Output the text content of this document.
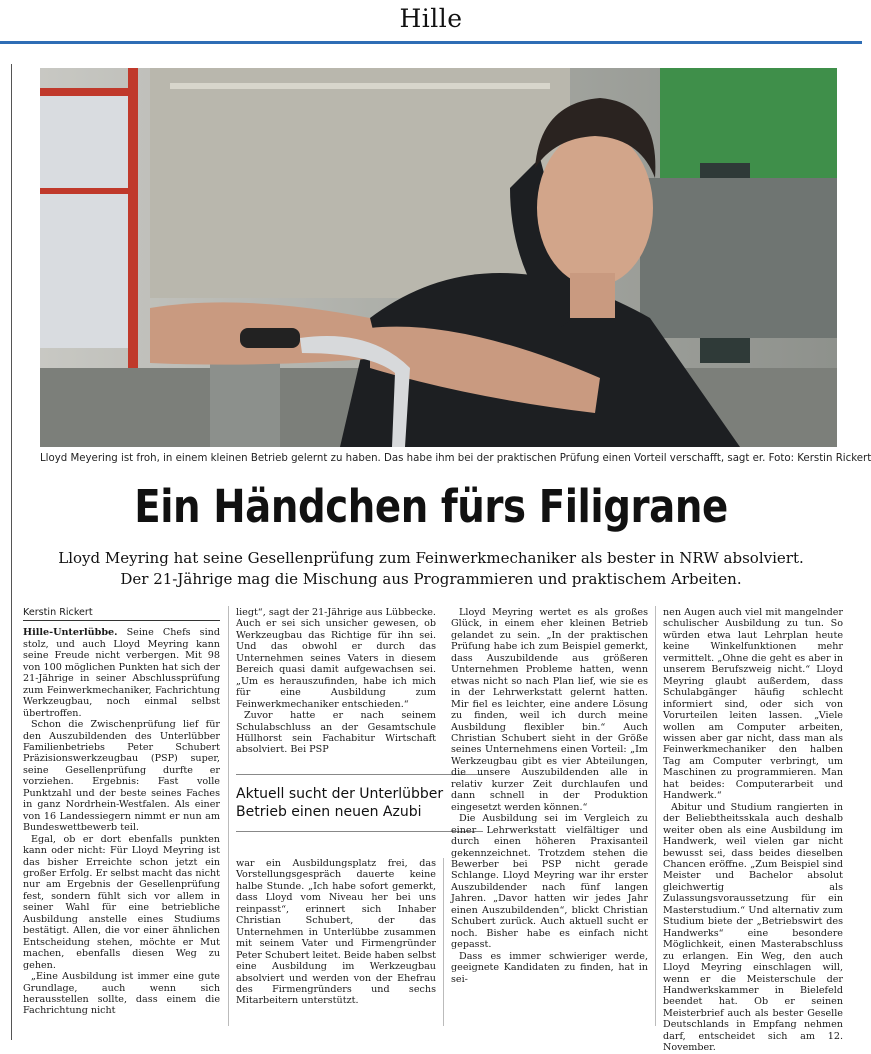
Hille
Lloyd Meyering ist froh, in einem kleinen Betrieb gelernt zu haben. Das habe ihm bei der praktischen Prüfung einen Vorteil verschafft, sagt er. Foto: Kerstin Rickert
Ein Händchen fürs Filigrane
Lloyd Meyring hat seine Gesellenprüfung zum Feinwerkmechaniker als bester in NRW absolviert.
Der 21-Jährige mag die Mischung aus Programmieren und praktischem Arbeiten.
Kerstin Rickert

Hille-Unterlübbe. Seine Chefs sind stolz, und auch Lloyd Meyring kann seine Freude nicht verbergen. Mit 98 von 100 möglichen Punkten hat sich der 21-Jährige in seiner Abschlussprüfung zum Feinwerkmechaniker, Fachrichtung Werkzeugbau, noch einmal selbst übertroffen.

Schon die Zwischenprüfung lief für den Auszubildenden des Unterlübber Familienbetriebs Peter Schubert Präzisionswerkzeugbau (PSP) super, seine Gesellenprüfung durfte er vorziehen. Ergebnis: Fast volle Punktzahl und der beste seines Faches in ganz Nordrhein-Westfalen. Als einer von 16 Landessiegern nimmt er nun am Bundeswettbewerb teil.

Egal, ob er dort ebenfalls punkten kann oder nicht: Für Lloyd Meyring ist das bisher Erreichte schon jetzt ein großer Erfolg. Er selbst macht das nicht nur am Ergebnis der Gesellenprüfung fest, sondern fühlt sich vor allem in seiner Wahl für eine betriebliche Ausbildung anstelle eines Studiums bestätigt. Allen, die vor einer ähnlichen Entscheidung stehen, möchte er Mut machen, ebenfalls diesen Weg zu gehen.

„Eine Ausbildung ist immer eine gute Grundlage, auch wenn sich herausstellen sollte, dass einem die Fachrichtung nicht

liegt“, sagt der 21-Jährige aus Lübbecke. Auch er sei sich unsicher gewesen, ob Werkzeugbau das Richtige für ihn sei. Und das obwohl er durch das Unternehmen seines Vaters in diesem Bereich quasi damit aufgewachsen sei. „Um es herauszufinden, habe ich mich für eine Ausbildung zum Feinwerkmechaniker entschieden.“

Zuvor hatte er nach seinem Schulabschluss an der Gesamtschule Hüllhorst sein Fachabitur Wirtschaft absolviert. Bei PSP

Aktuell sucht der Unterlübber Betrieb einen neuen Azubi

war ein Ausbildungsplatz frei, das Vorstellungsgespräch dauerte keine halbe Stunde. „Ich habe sofort gemerkt, dass Lloyd vom Niveau her bei uns reinpasst“, erinnert sich Inhaber Christian Schubert, der das Unternehmen in Unterlübbe zusammen mit seinem Vater und Firmengründer Peter Schubert leitet. Beide haben selbst eine Ausbildung im Werkzeugbau absolviert und werden von der Ehefrau des Firmengründers und sechs Mitarbeitern unterstützt.

Lloyd Meyring wertet es als großes Glück, in einem eher kleinen Betrieb gelandet zu sein. „In der praktischen Prüfung habe ich zum Beispiel gemerkt, dass Auszubildende aus größeren Unternehmen Probleme hatten, wenn etwas nicht so nach Plan lief, wie sie es in der Lehrwerkstatt gelernt hatten. Mir fiel es leichter, eine andere Lösung zu finden, weil ich durch meine Ausbildung flexibler bin.“ Auch Christian Schubert sieht in der Größe seines Unternehmens einen Vorteil: „Im Werkzeugbau gibt es vier Abteilungen, die unsere Auszubildenden alle in relativ kurzer Zeit durchlaufen und dann schnell in der Produktion eingesetzt werden können.“

Die Ausbildung sei im Vergleich zu einer Lehrwerkstatt vielfältiger und durch einen höheren Praxisanteil gekennzeichnet. Trotzdem stehen die Bewerber bei PSP nicht gerade Schlange. Lloyd Meyring war ihr erster Auszubildender nach fünf langen Jahren. „Davor hatten wir jedes Jahr einen Auszubildenden“, blickt Christian Schubert zurück. Auch aktuell sucht er noch. Bisher habe es einfach nicht gepasst.

Dass es immer schwieriger werde, geeignete Kandidaten zu finden, hat in sei-

nen Augen auch viel mit mangelnder schulischer Ausbildung zu tun. So würden etwa laut Lehrplan heute keine Winkelfunktionen mehr vermittelt. „Ohne die geht es aber in unserem Berufszweig nicht.“ Lloyd Meyring glaubt außerdem, dass Schulabgänger häufig schlecht informiert sind, oder sich von Vorurteilen leiten lassen. „Viele wollen am Computer arbeiten, wissen aber gar nicht, dass man als Feinwerkmechaniker den halben Tag am Computer verbringt, um Maschinen zu programmieren. Man hat beides: Computerarbeit und Handwerk.“

Abitur und Studium rangierten in der Beliebtheitsskala auch deshalb weiter oben als eine Ausbildung im Handwerk, weil vielen gar nicht bewusst sei, dass beides dieselben Chancen eröffne. „Zum Beispiel sind Meister und Bachelor absolut gleichwertig als Zulassungsvoraussetzung für ein Masterstudium.“ Und alternativ zum Studium biete der „Betriebswirt des Handwerks“ eine besondere Möglichkeit, einen Masterabschluss zu erlangen. Ein Weg, den auch Lloyd Meyring einschlagen will, wenn er die Meisterschule der Handwerkskammer in Bielefeld beendet hat. Ob er seinen Meisterbrief auch als bester Geselle Deutschlands in Empfang nehmen darf, entscheidet sich am 12. November.
